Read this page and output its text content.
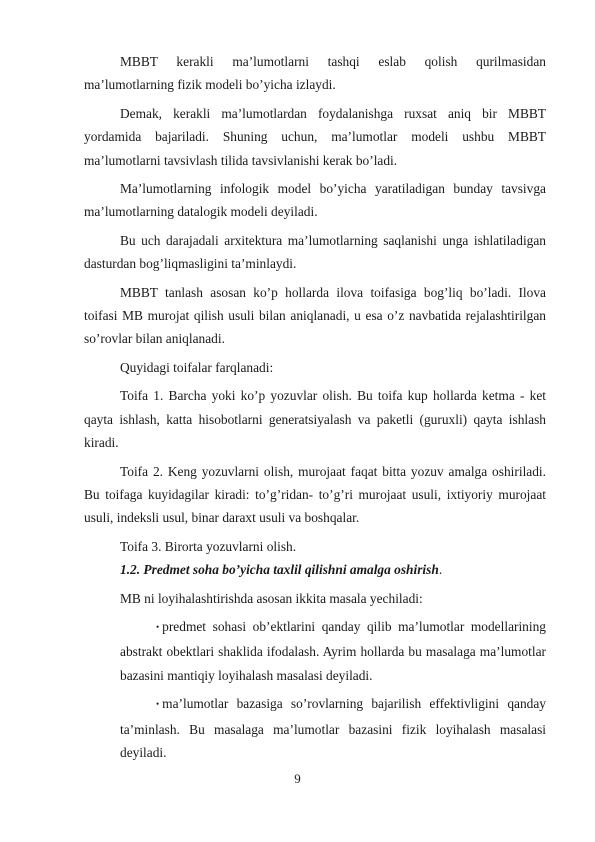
MBBT kerakli ma’lumotlarni tashqi eslab qolish qurilmasidan ma’lumotlarning fizik modeli bo’yicha izlaydi.

Demak, kerakli ma’lumotlardan foydalanishga ruxsat aniq bir MBBT yordamida bajariladi. Shuning uchun, ma’lumotlar modeli ushbu MBBT ma’lumotlarni tavsivlash tilida tavsivlanishi kerak bo’ladi.

Ma’lumotlarning infologik model bo’yicha yaratiladigan bunday tavsivga ma’lumotlarning datalogik modeli deyiladi.

Bu uch darajadali arxitektura ma’lumotlarning saqlanishi unga ishlatiladigan dasturdan bog’liqmasligini ta’minlaydi.

MBBT tanlash asosan ko’p hollarda ilova toifasiga bog’liq bo’ladi. Ilova toifasi MB murojat qilish usuli bilan aniqlanadi, u esa o’z navbatida rejalashtirilgan so’rovlar bilan aniqlanadi.

Quyidagi toifalar farqlanadi:

Toifa 1. Barcha yoki ko’p yozuvlar olish. Bu toifa kup hollarda ketma - ket qayta ishlash, katta hisobotlarni generatsiyalash va paketli (guruxli) qayta ishlash kiradi.

Toifa 2. Keng yozuvlarni olish, murojaat faqat bitta yozuv amalga oshiriladi. Bu toifaga kuyidagilar kiradi: to’g’ridan- to’g’ri murojaat usuli, ixtiyoriy murojaat usuli, indeksli usul, binar daraxt usuli va boshqalar.

Toifa 3. Birorta yozuvlarni olish.

1.2. Predmet soha bo’yicha taxlil qilishni amalga oshirish.

MB ni loyihalashtirishda asosan ikkita masala yechiladi:

• predmet sohasi ob’ektlarini qanday qilib ma’lumotlar modellarining abstrakt obektlari shaklida ifodalash. Ayrim hollarda bu masalaga ma’lumotlar bazasini mantiqiy loyihalash masalasi deyiladi.

• ma’lumotlar bazasiga so’rovlarning bajarilish effektivligini qanday ta’minlash. Bu masalaga ma’lumotlar bazasini fizik loyihalash masalasi deyiladi.

9
